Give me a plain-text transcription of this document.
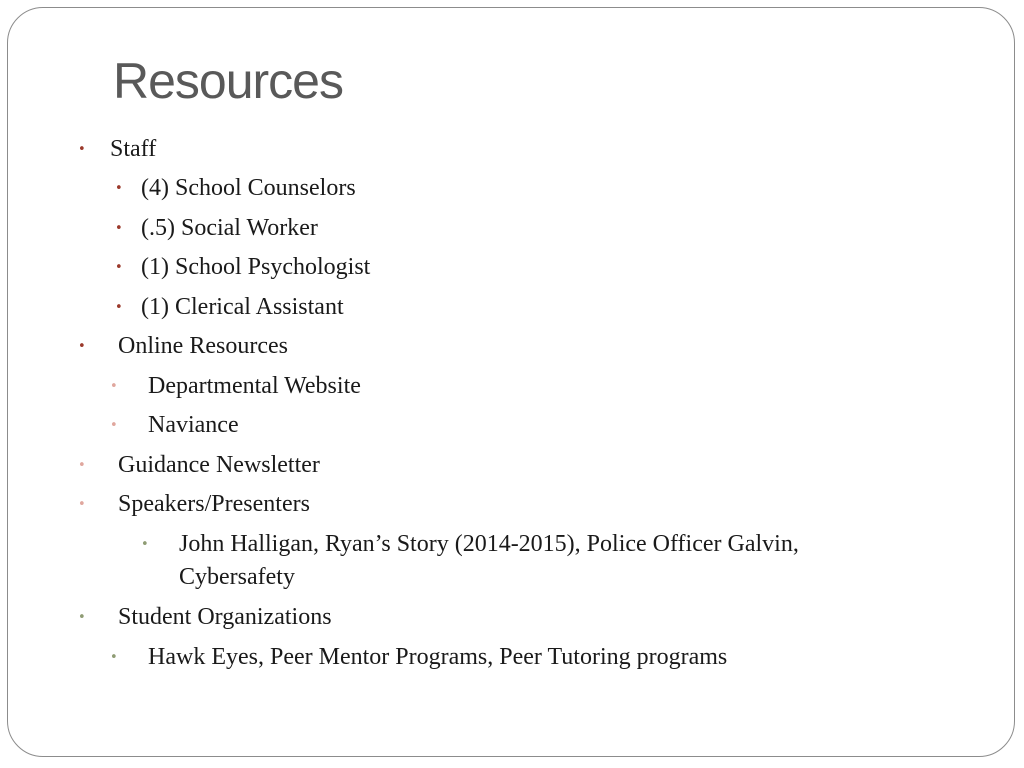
Resources
• Staff
• (4) School Counselors
• (.5) Social Worker
• (1) School Psychologist
• (1) Clerical Assistant
• Online Resources
• Departmental Website
• Naviance
• Guidance Newsletter
• Speakers/Presenters
• John Halligan, Ryan’s Story (2014-2015), Police Officer Galvin,
Cybersafety
• Student Organizations
• Hawk Eyes, Peer Mentor Programs, Peer Tutoring programs
